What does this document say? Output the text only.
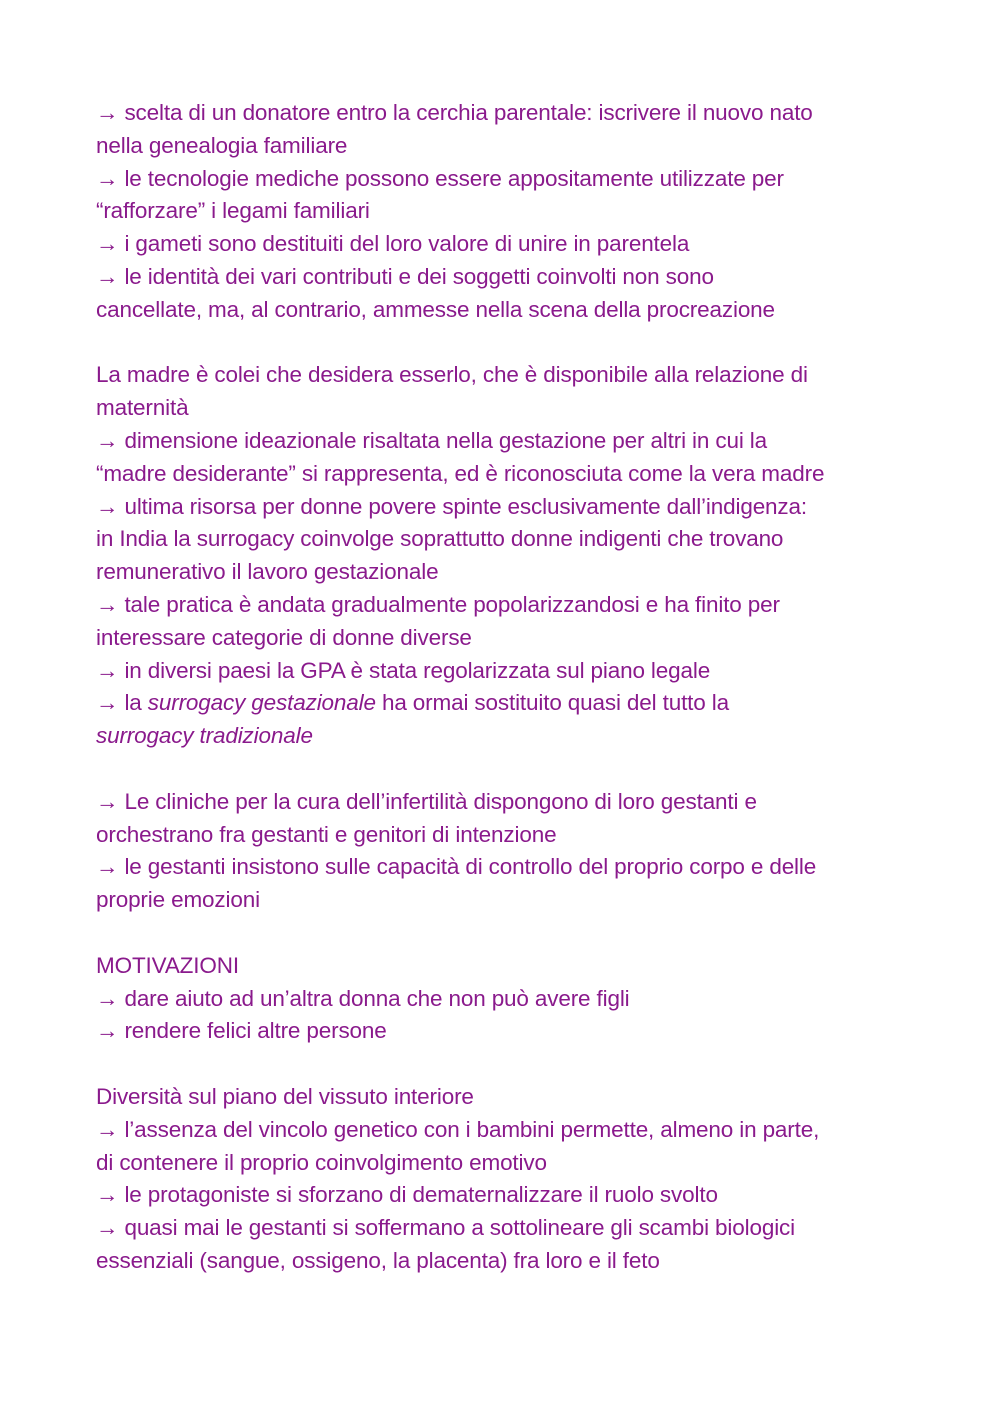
→ scelta di un donatore entro la cerchia parentale: iscrivere il nuovo nato
nella genealogia familiare
→ le tecnologie mediche possono essere appositamente utilizzate per
“rafforzare” i legami familiari
→ i gameti sono destituiti del loro valore di unire in parentela
→ le identità dei vari contributi e dei soggetti coinvolti non sono
cancellate, ma, al contrario, ammesse nella scena della procreazione
La madre è colei che desidera esserlo, che è disponibile alla relazione di
maternità
→ dimensione ideazionale risaltata nella gestazione per altri in cui la
“madre desiderante” si rappresenta, ed è riconosciuta come la vera madre
→ ultima risorsa per donne povere spinte esclusivamente dall’indigenza:
in India la surrogacy coinvolge soprattutto donne indigenti che trovano
remunerativo il lavoro gestazionale
→ tale pratica è andata gradualmente popolarizzandosi e ha finito per
interessare categorie di donne diverse
→ in diversi paesi la GPA è stata regolarizzata sul piano legale
→ la surrogacy gestazionale ha ormai sostituito quasi del tutto la
surrogacy tradizionale
→ Le cliniche per la cura dell’infertilità dispongono di loro gestanti e
orchestrano fra gestanti e genitori di intenzione
→ le gestanti insistono sulle capacità di controllo del proprio corpo e delle
proprie emozioni
MOTIVAZIONI
→ dare aiuto ad un’altra donna che non può avere figli
→ rendere felici altre persone
Diversità sul piano del vissuto interiore
→ l’assenza del vincolo genetico con i bambini permette, almeno in parte,
di contenere il proprio coinvolgimento emotivo
→ le protagoniste si sforzano di dematernalizzare il ruolo svolto
→ quasi mai le gestanti si soffermano a sottolineare gli scambi biologici
essenziali (sangue, ossigeno, la placenta) fra loro e il feto
